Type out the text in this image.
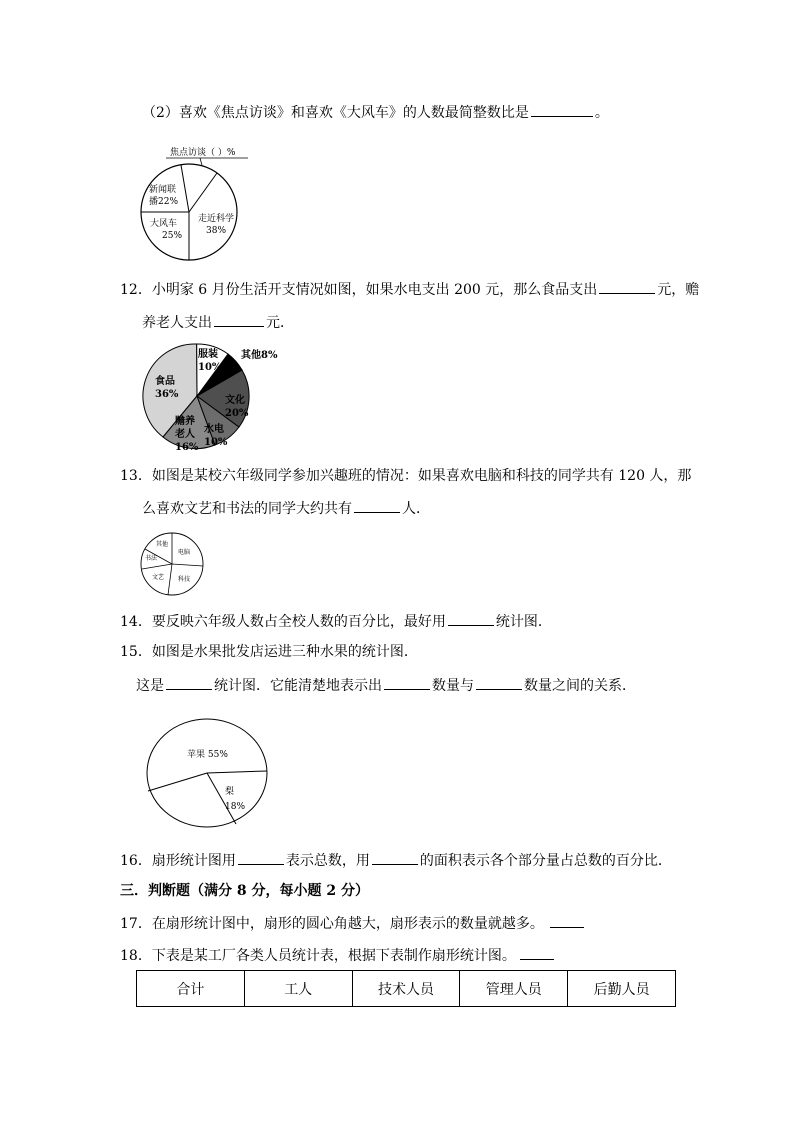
（2）喜欢《焦点访谈》和喜欢《大风车》的人数最简整数比是	。
焦点访谈（ ）%
新闻联
播22%
大风车
25%
走近科学
38%
12．小明家 6 月份生活开支情况如图，如果水电支出 200 元，那么食品支出	元，赡
养老人支出	元．
服装
10%
其他8%
食品
36%
文化
20%
水电
10%
赡养
老人
16%
13．如图是某校六年级同学参加兴趣班的情况：如果喜欢电脑和科技的同学共有 120 人，那
么喜欢文艺和书法的同学大约共有	人．
其他
电脑
书法
文艺 科技
14．要反映六年级人数占全校人数的百分比，最好用	统计图．
15．如图是水果批发店运进三种水果的统计图．
这是	统计图．它能清楚地表示出	数量与	数量之间的关系．
苹果 55%
梨
18%
16．扇形统计图用	表示总数，用	的面积表示各个部分量占总数的百分比．
三．判断题（满分 8 分，每小题 2 分）
17．在扇形统计图中，扇形的圆心角越大，扇形表示的数量就越多。
18．下表是某工厂各类人员统计表，根据下表制作扇形统计图。
合计	工人	技术人员	管理人员	后勤人员
